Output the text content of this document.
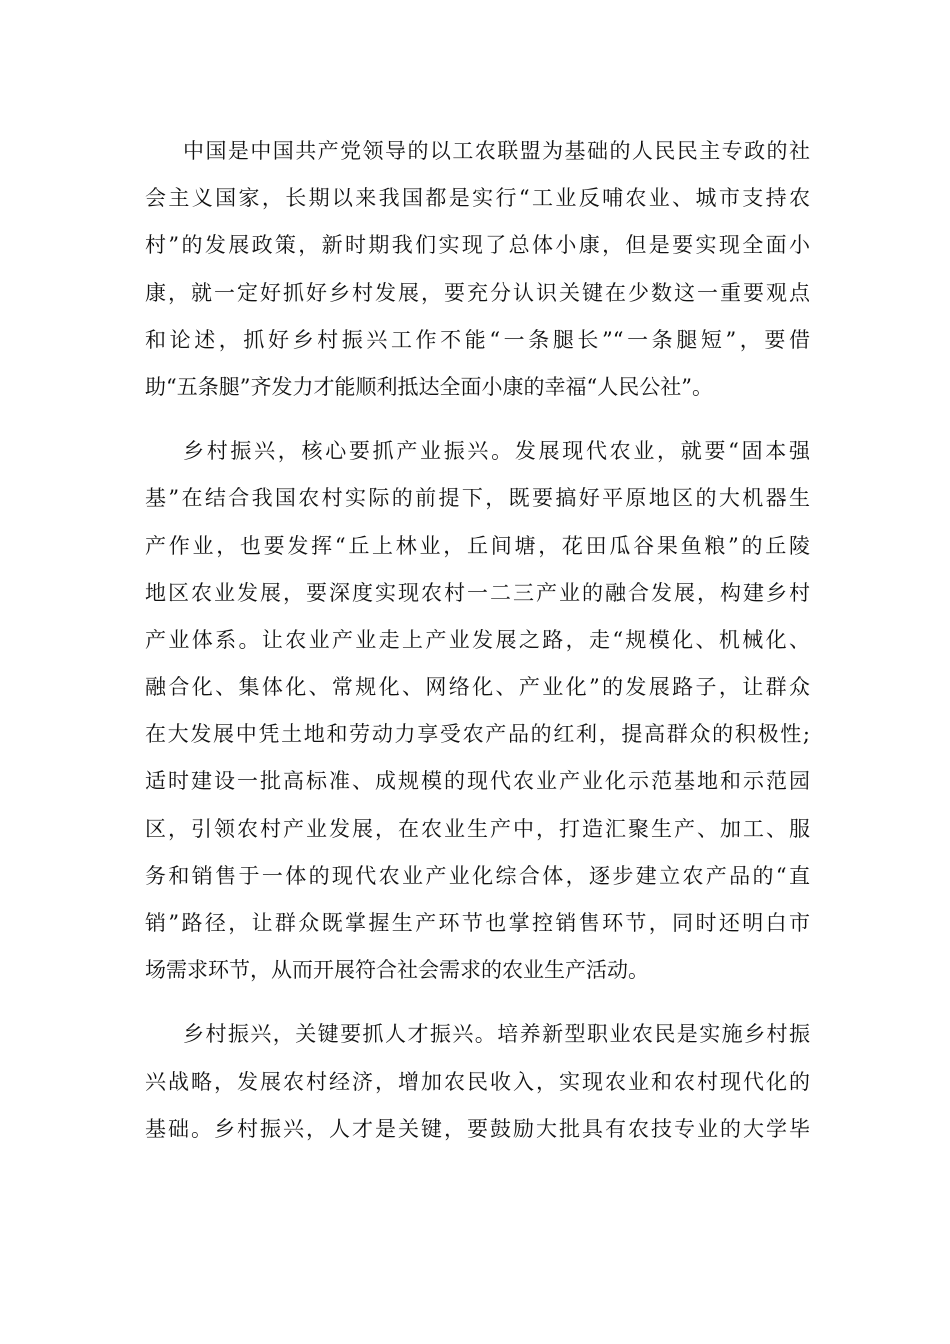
中国是中国共产党领导的以工农联盟为基础的人民民主专政的社
会主义国家，长期以来我国都是实行“工业反哺农业、城市支持农
村”的发展政策，新时期我们实现了总体小康，但是要实现全面小
康，就一定好抓好乡村发展，要充分认识关键在少数这一重要观点
和论述，抓好乡村振兴工作不能“一条腿长”“一条腿短”，要借
助“五条腿”齐发力才能顺利抵达全面小康的幸福“人民公社”。
乡村振兴，核心要抓产业振兴。发展现代农业，就要“固本强
基”在结合我国农村实际的前提下，既要搞好平原地区的大机器生
产作业，也要发挥“丘上林业，丘间塘，花田瓜谷果鱼粮”的丘陵
地区农业发展，要深度实现农村一二三产业的融合发展，构建乡村
产业体系。让农业产业走上产业发展之路，走“规模化、机械化、
融合化、集体化、常规化、网络化、产业化”的发展路子，让群众
在大发展中凭土地和劳动力享受农产品的红利，提高群众的积极性;
适时建设一批高标准、成规模的现代农业产业化示范基地和示范园
区，引领农村产业发展，在农业生产中，打造汇聚生产、加工、服
务和销售于一体的现代农业产业化综合体，逐步建立农产品的“直
销”路径，让群众既掌握生产环节也掌控销售环节，同时还明白市
场需求环节，从而开展符合社会需求的农业生产活动。
乡村振兴，关键要抓人才振兴。培养新型职业农民是实施乡村振
兴战略，发展农村经济，增加农民收入，实现农业和农村现代化的
基础。乡村振兴，人才是关键，要鼓励大批具有农技专业的大学毕
